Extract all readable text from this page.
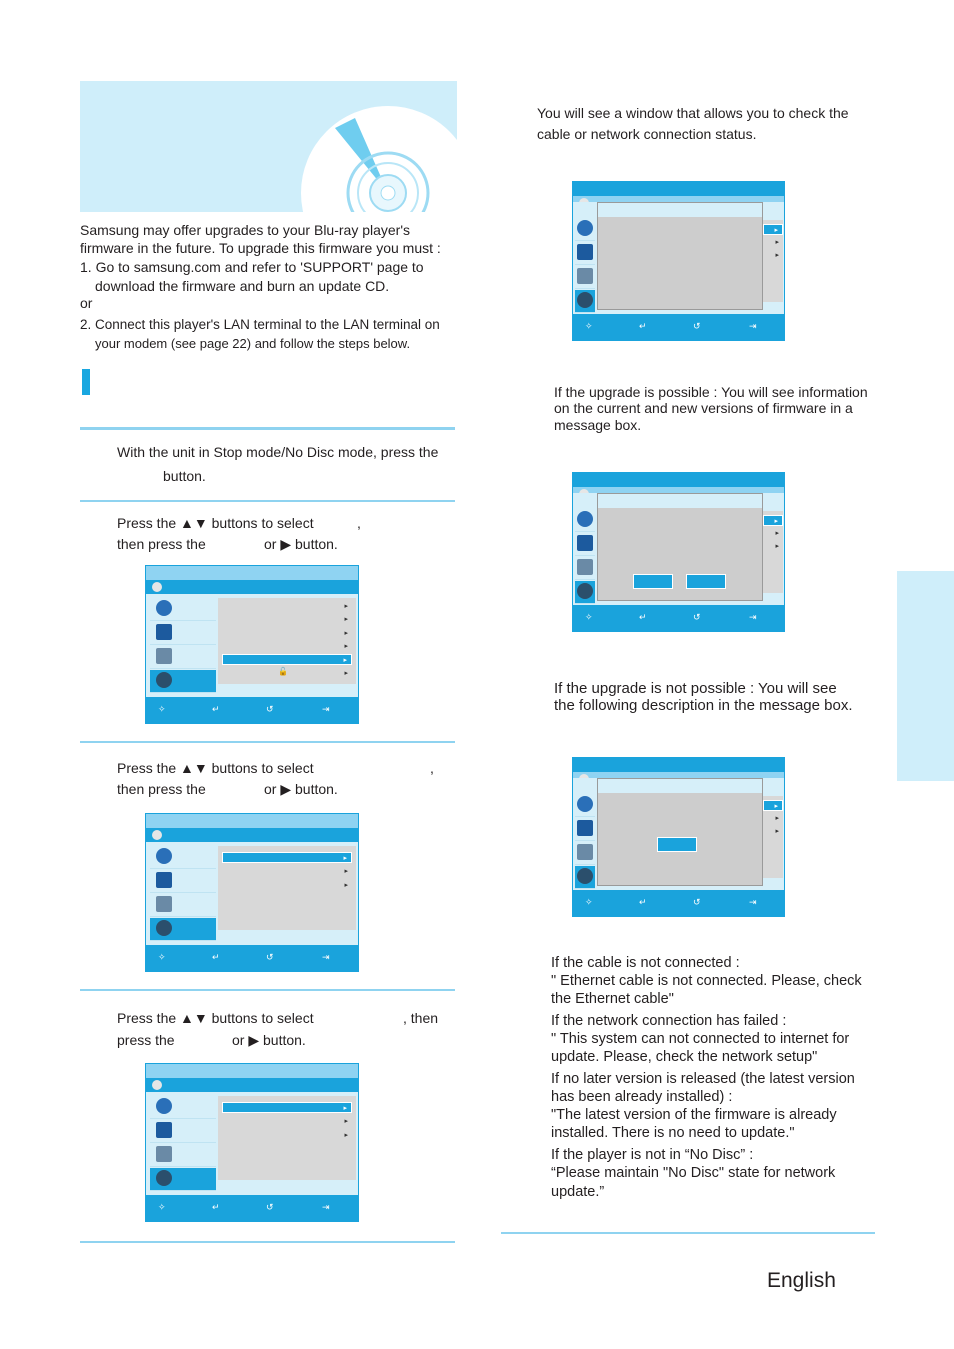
Samsung may offer upgrades to your Blu-ray player's
firmware in the future. To upgrade this firmware you must :
1. Go to samsung.com and refer to 'SUPPORT' page to
download the firmware and burn an update CD.
or
2. Connect this player's LAN terminal to the LAN terminal on
your modem (see page 22) and follow the steps below.
With the unit in Stop mode/No Disc mode, press the
button.
Press the ▲▼ buttons to select	,
then press the	or ▶ button.
▸
▸
▸
▸
▸
🔓	▸
✧	↵	↺	⇥
Press the ▲▼ buttons to select	,
then press the	or ▶ button.
▸
▸
▸
✧	↵	↺	⇥
Press the ▲▼ buttons to select	, then
press the	or ▶ button.
▸
▸
▸
✧	↵	↺	⇥
You will see a window that allows you to check the
cable or network connection status.
▸
▸
▸
✧	↵	↺	⇥
If the upgrade is possible : You will see information
on the current and new versions of firmware in a
message box.
▸
▸
▸
✧	↵	↺	⇥
If the upgrade is not possible : You will see
the following description in the message box.
▸
▸
▸
✧	↵	↺	⇥
If the cable is not connected :
" Ethernet cable is not connected. Please, check
the Ethernet cable"
If the network connection has failed :
" This system can not connected to internet for
update. Please, check the network setup"
If no later version is released (the latest version
has been already installed) :
"The latest version of the firmware is already
installed. There is no need to update."
If the player is not in “No Disc” :
“Please maintain "No Disc" state for network
update.”
English
